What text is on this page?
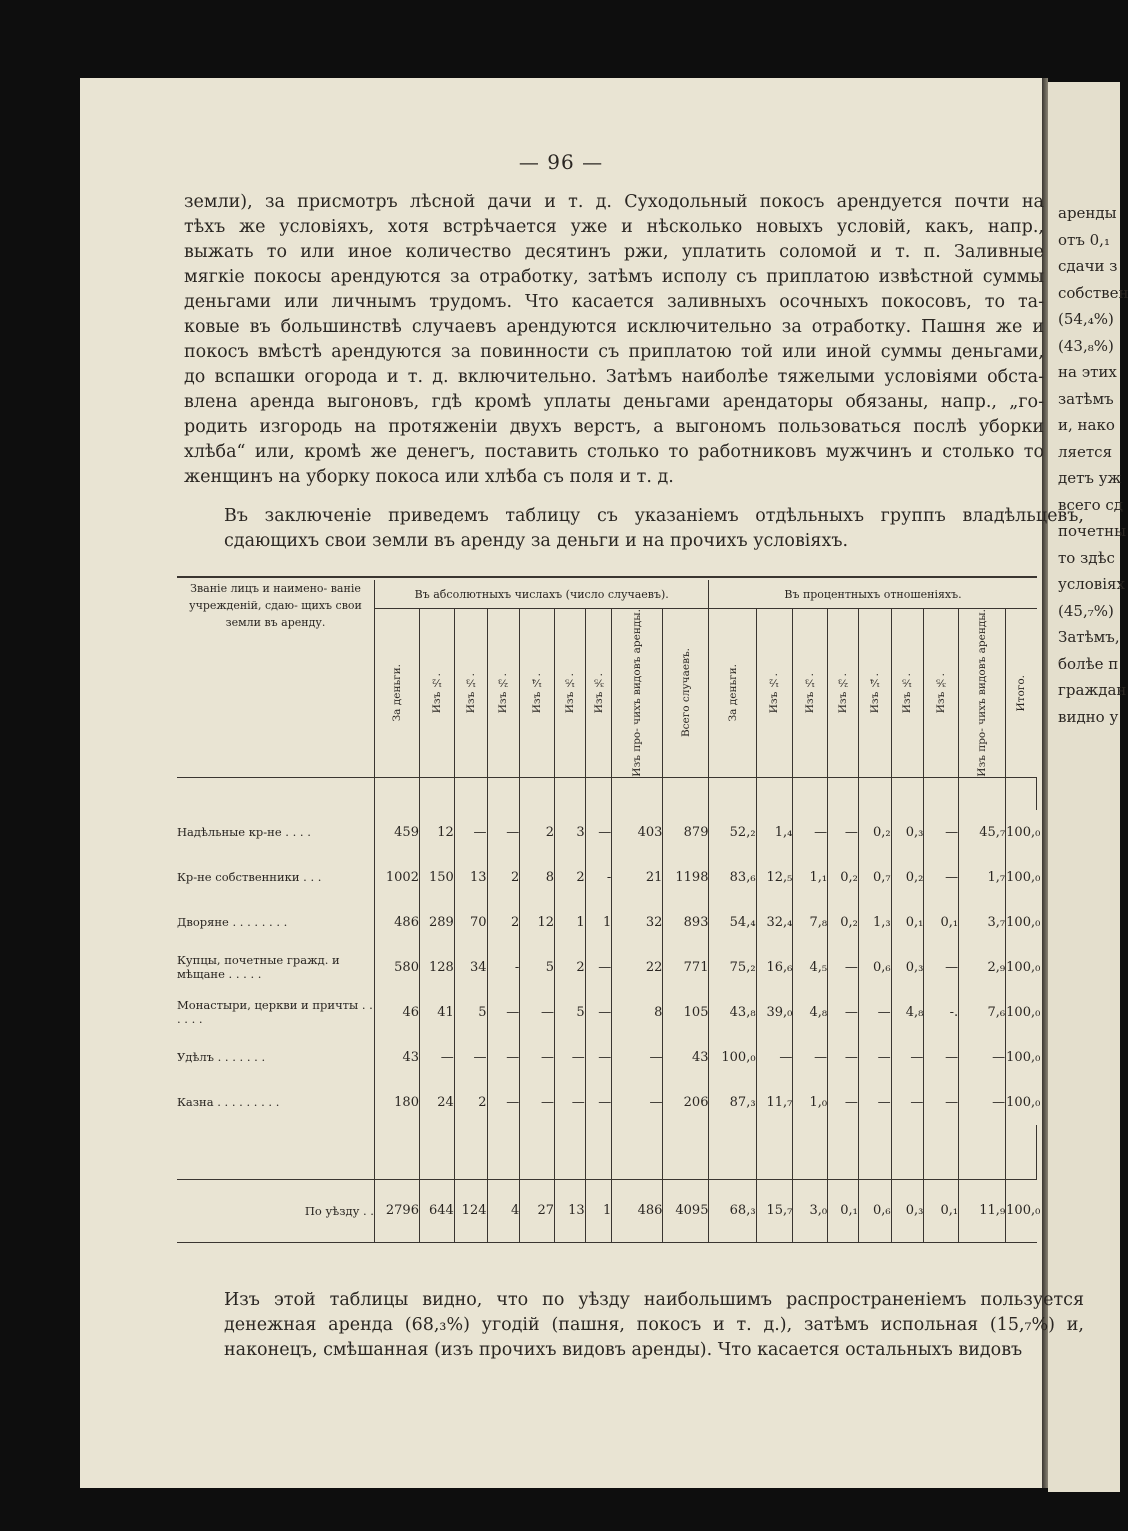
аренды
отъ 0,₁
сдачи з
собствен
(54,₄%)
(43,₈%)
на этих
затѣмъ
и, нако
ляется
детъ уж
всего сд
почетны
то здѣс
условіях
(45,₇%)
Затѣмъ,
болѣе п
граждан
видно у
— 96 —
земли), за присмотръ лѣсной дачи и т. д. Суходольный покосъ арендуется почти на
тѣхъ же условіяхъ, хотя встрѣчается уже и нѣсколько новыхъ условій, какъ, напр.,
выжать то или иное количество десятинъ ржи, уплатить соломой и т. п. Заливные
мягкіе покосы арендуются за отработку, затѣмъ исполу съ приплатою извѣстной суммы
деньгами или личнымъ трудомъ. Что касается заливныхъ осочныхъ покосовъ, то та-
ковые въ большинствѣ случаевъ арендуются исключительно за отработку. Пашня же и
покосъ вмѣстѣ арендуются за повинности съ приплатою той или иной суммы деньгами,
до вспашки огорода и т. д. включительно. Затѣмъ наиболѣе тяжелыми условіями обста-
влена аренда выгоновъ, гдѣ кромѣ уплаты деньгами арендаторы обязаны, напр., „го-
родить изгородь на протяженіи двухъ верстъ, а выгономъ пользоваться послѣ уборки
хлѣба“ или, кромѣ же денегъ, поставить столько то работниковъ мужчинъ и столько то
женщинъ на уборку покоса или хлѣба съ поля и т. д.
Въ заключеніе приведемъ таблицу съ указаніемъ отдѣльныхъ группъ владѣльцевъ,
сдающихъ свои земли въ аренду за деньги и на прочихъ условіяхъ.
Званіе лицъ и наимено- ваніе учрежденій, сдаю- щихъ свои земли въ аренду.	Въ абсолютныхъ числахъ (число случаевъ).									Въ процентныхъ отношеніяхъ.								

	За деньги.	Изъ ½.	Изъ ⅓.	Изъ ⅔.	Изъ ¼.	Изъ ⅕.	Изъ ⅗.	Изъ про- чихъ видовъ аренды.	Всего случаевъ.	За деньги.	Изъ ½.	Изъ ⅓.	Изъ ⅔.	Изъ ¼.	Изъ ⅕.	Изъ ⅗.	Изъ про- чихъ видовъ аренды.	Итого.

Надѣльные кр-не . . . .	459	12	—	—	2	3	—	403	879	52,₂	1,₄	—	—	0,₂	0,₃	—	45,₇	100,₀
Кр-не собственники . . .	1002	150	13	2	8	2	-	21	1198	83,₆	12,₅	1,₁	0,₂	0,₇	0,₂	—	1,₇	100,₀
Дворяне . . . . . . . .	486	289	70	2	12	1	1	32	893	54,₄	32,₄	7,₈	0,₂	1,₃	0,₁	0,₁	3,₇	100,₀
Купцы, почетные гражд. и мѣщане . . . . .	580	128	34	-	5	2	—	22	771	75,₂	16,₆	4,₅	—	0,₆	0,₃	—	2,₉	100,₀
Монастыри, церкви и причты . . . . . .	46	41	5	—	—	5	—	8	105	43,₈	39,₀	4,₈	—	—	4,₈	-.	7,₆	100,₀
Удѣлъ . . . . . . .	43	—	—	—	—	—	—	—	43	100,₀	—	—	—	—	—	—	—	100,₀
Казна . . . . . . . . .	180	24	2	—	—	—	—	—	206	87,₃	11,₇	1,₀	—	—	—	—	—	100,₀

По уѣзду . .	2796	644	124	4	27	13	1	486	4095	68,₃	15,₇	3,₀	0,₁	0,₆	0,₃	0,₁	11,₉	100,₀
Изъ этой таблицы видно, что по уѣзду наибольшимъ распространеніемъ пользуется
денежная аренда (68,₃%) угодій (пашня, покосъ и т. д.), затѣмъ испольная (15,₇%) и,
наконецъ, смѣшанная (изъ прочихъ видовъ аренды). Что касается остальныхъ видовъ
